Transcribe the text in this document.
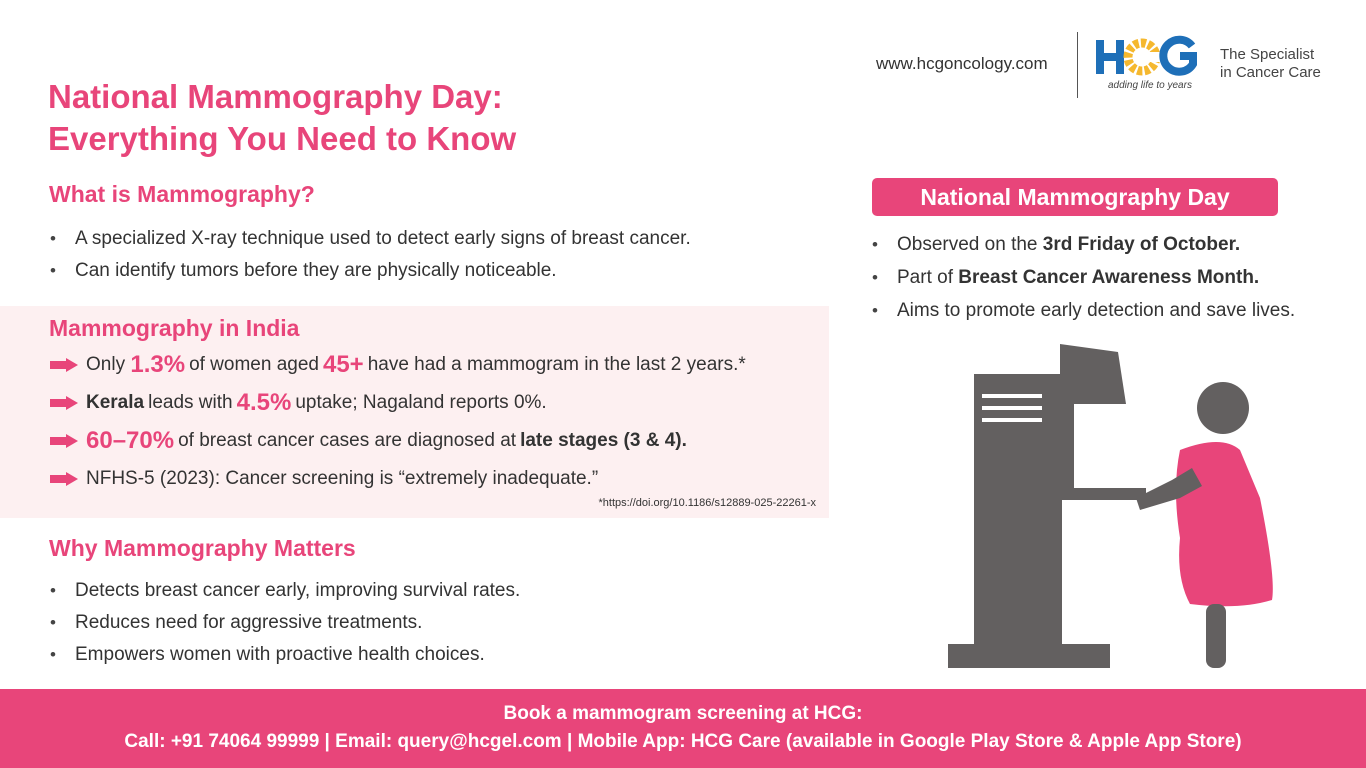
www.hcgoncology.com
adding life to years
The Specialist
in Cancer Care
National Mammography Day:
Everything You Need to Know
What is Mammography?
• A specialized X-ray technique used to detect early signs of breast cancer.
• Can identify tumors before they are physically noticeable.
Mammography in India
Only
1.3% of women aged 45+ have had a mammogram in the last 2 years.*
Kerala leads with 4.5% uptake; Nagaland reports 0%.
60–70% of breast cancer cases are diagnosed at late stages (3 & 4).
NFHS-5 (2023): Cancer screening is “extremely inadequate.”
*https://doi.org/10.1186/s12889-025-22261-x
Why Mammography Matters
• Detects breast cancer early, improving survival rates.
• Reduces need for aggressive treatments.
• Empowers women with proactive health choices.
National Mammography Day
• Observed on the 3rd Friday of October.
• Part of Breast Cancer Awareness Month.
• Aims to promote early detection and save lives.
Book a mammogram screening at HCG:
Call: +91 74064 99999 | Email: query@hcgel.com | Mobile App: HCG Care (available in Google Play Store & Apple App Store)
